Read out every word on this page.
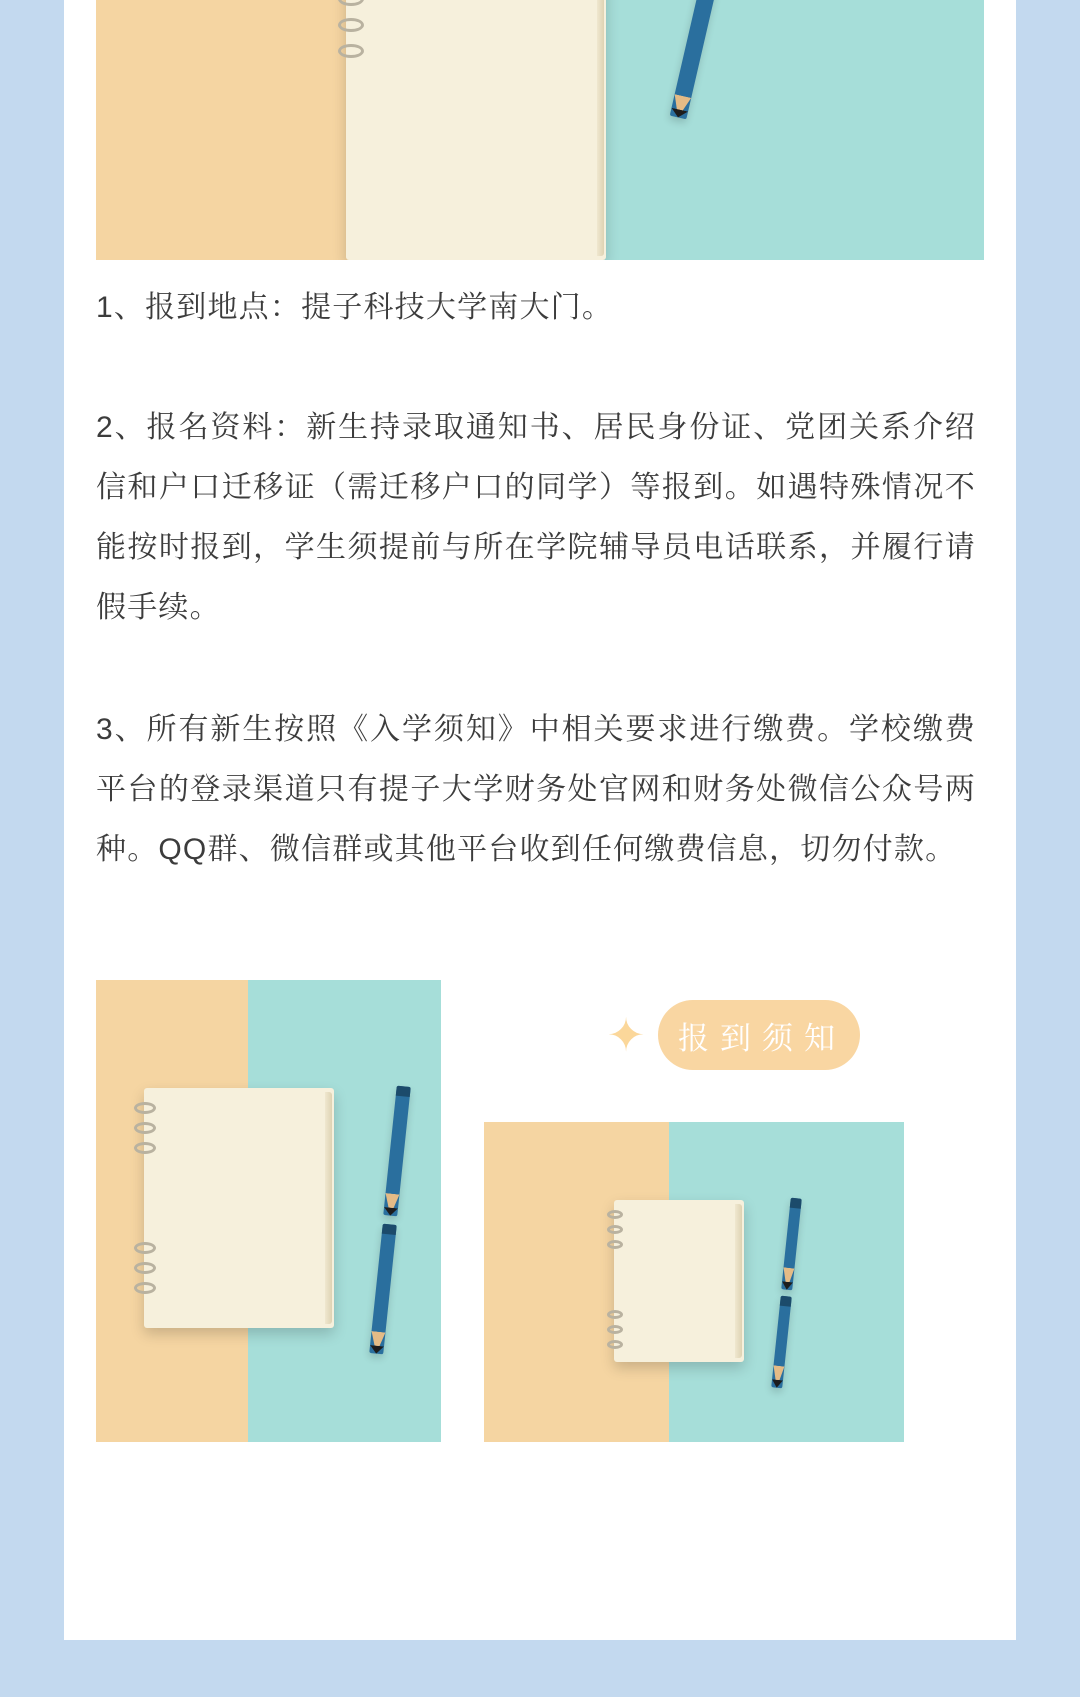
1、报到地点：提子科技大学南大门。
2、报名资料：新生持录取通知书、居民身份证、党团关系介绍信和户口迁移证（需迁移户口的同学）等报到。如遇特殊情况不能按时报到，学生须提前与所在学院辅导员电话联系，并履行请假手续。
3、所有新生按照《入学须知》中相关要求进行缴费。学校缴费平台的登录渠道只有提子大学财务处官网和财务处微信公众号两种。QQ群、微信群或其他平台收到任何缴费信息，切勿付款。
✦ 报到须知
